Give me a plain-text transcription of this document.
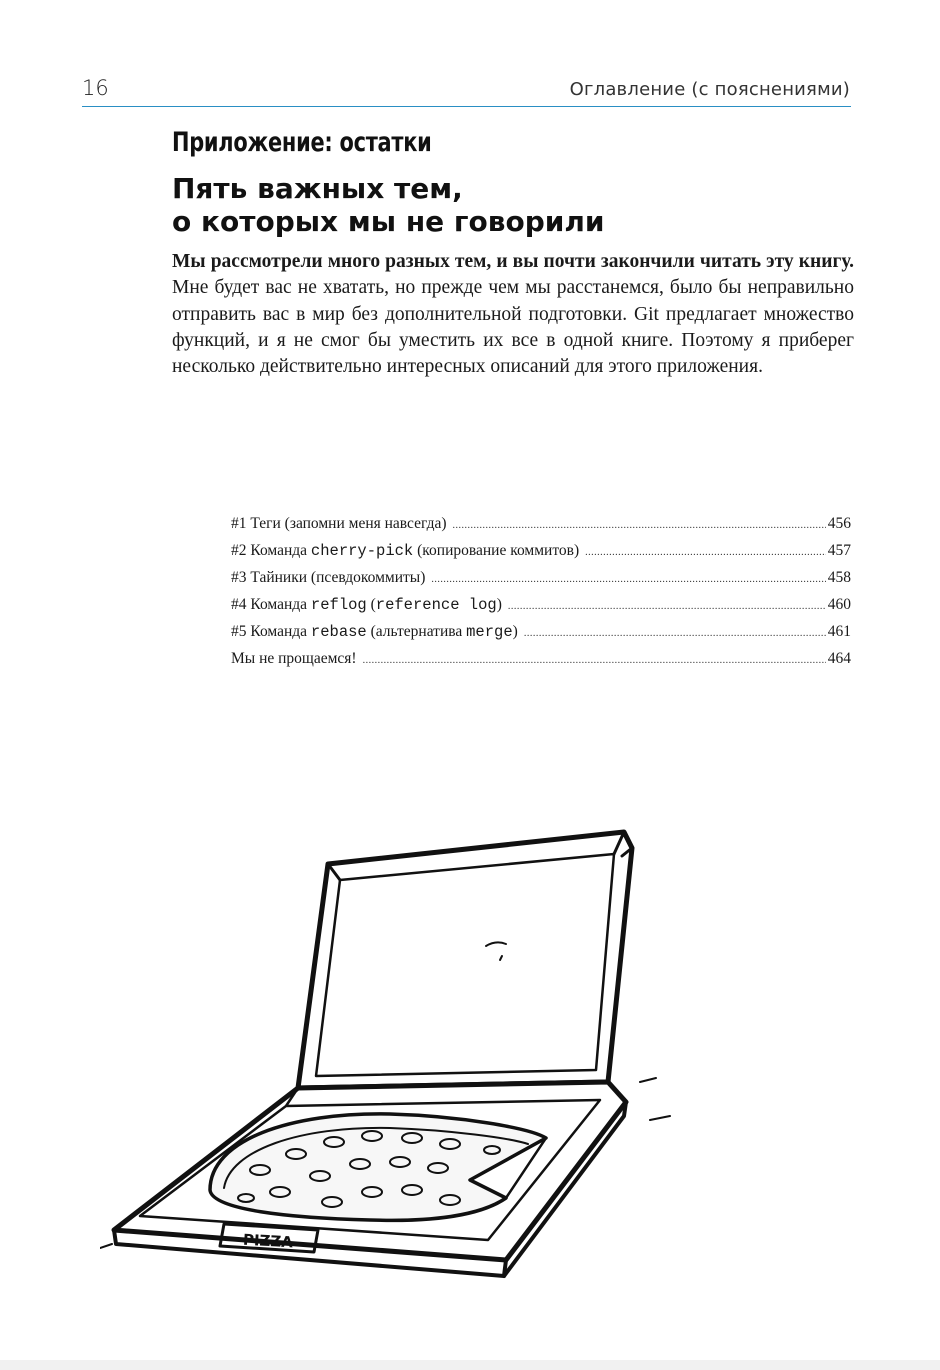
16	Оглавление (с пояснениями)
Приложение: остатки
Пять важных тем,
о которых мы не говорили
Мы рассмотрели много разных тем, и вы почти закончили читать эту книгу. Мне будет вас не хватать, но прежде чем мы расстанемся, было бы неправильно отправить вас в мир без дополнительной подготовки. Git предлагает множество функций, и я не смог бы уместить их все в одной книге. Поэтому я приберег несколько действительно интересных описаний для этого приложения.
#1 Теги (запомни меня навсегда) .....	456
#2 Команда cherry-pick (копирование коммитов) .....	457
#3 Тайники (псевдокоммиты) .....	458
#4 Команда reflog (reference log) .....	460
#5 Команда rebase (альтернатива merge) .....	461
Мы не прощаемся! .....	464
PIZZA
